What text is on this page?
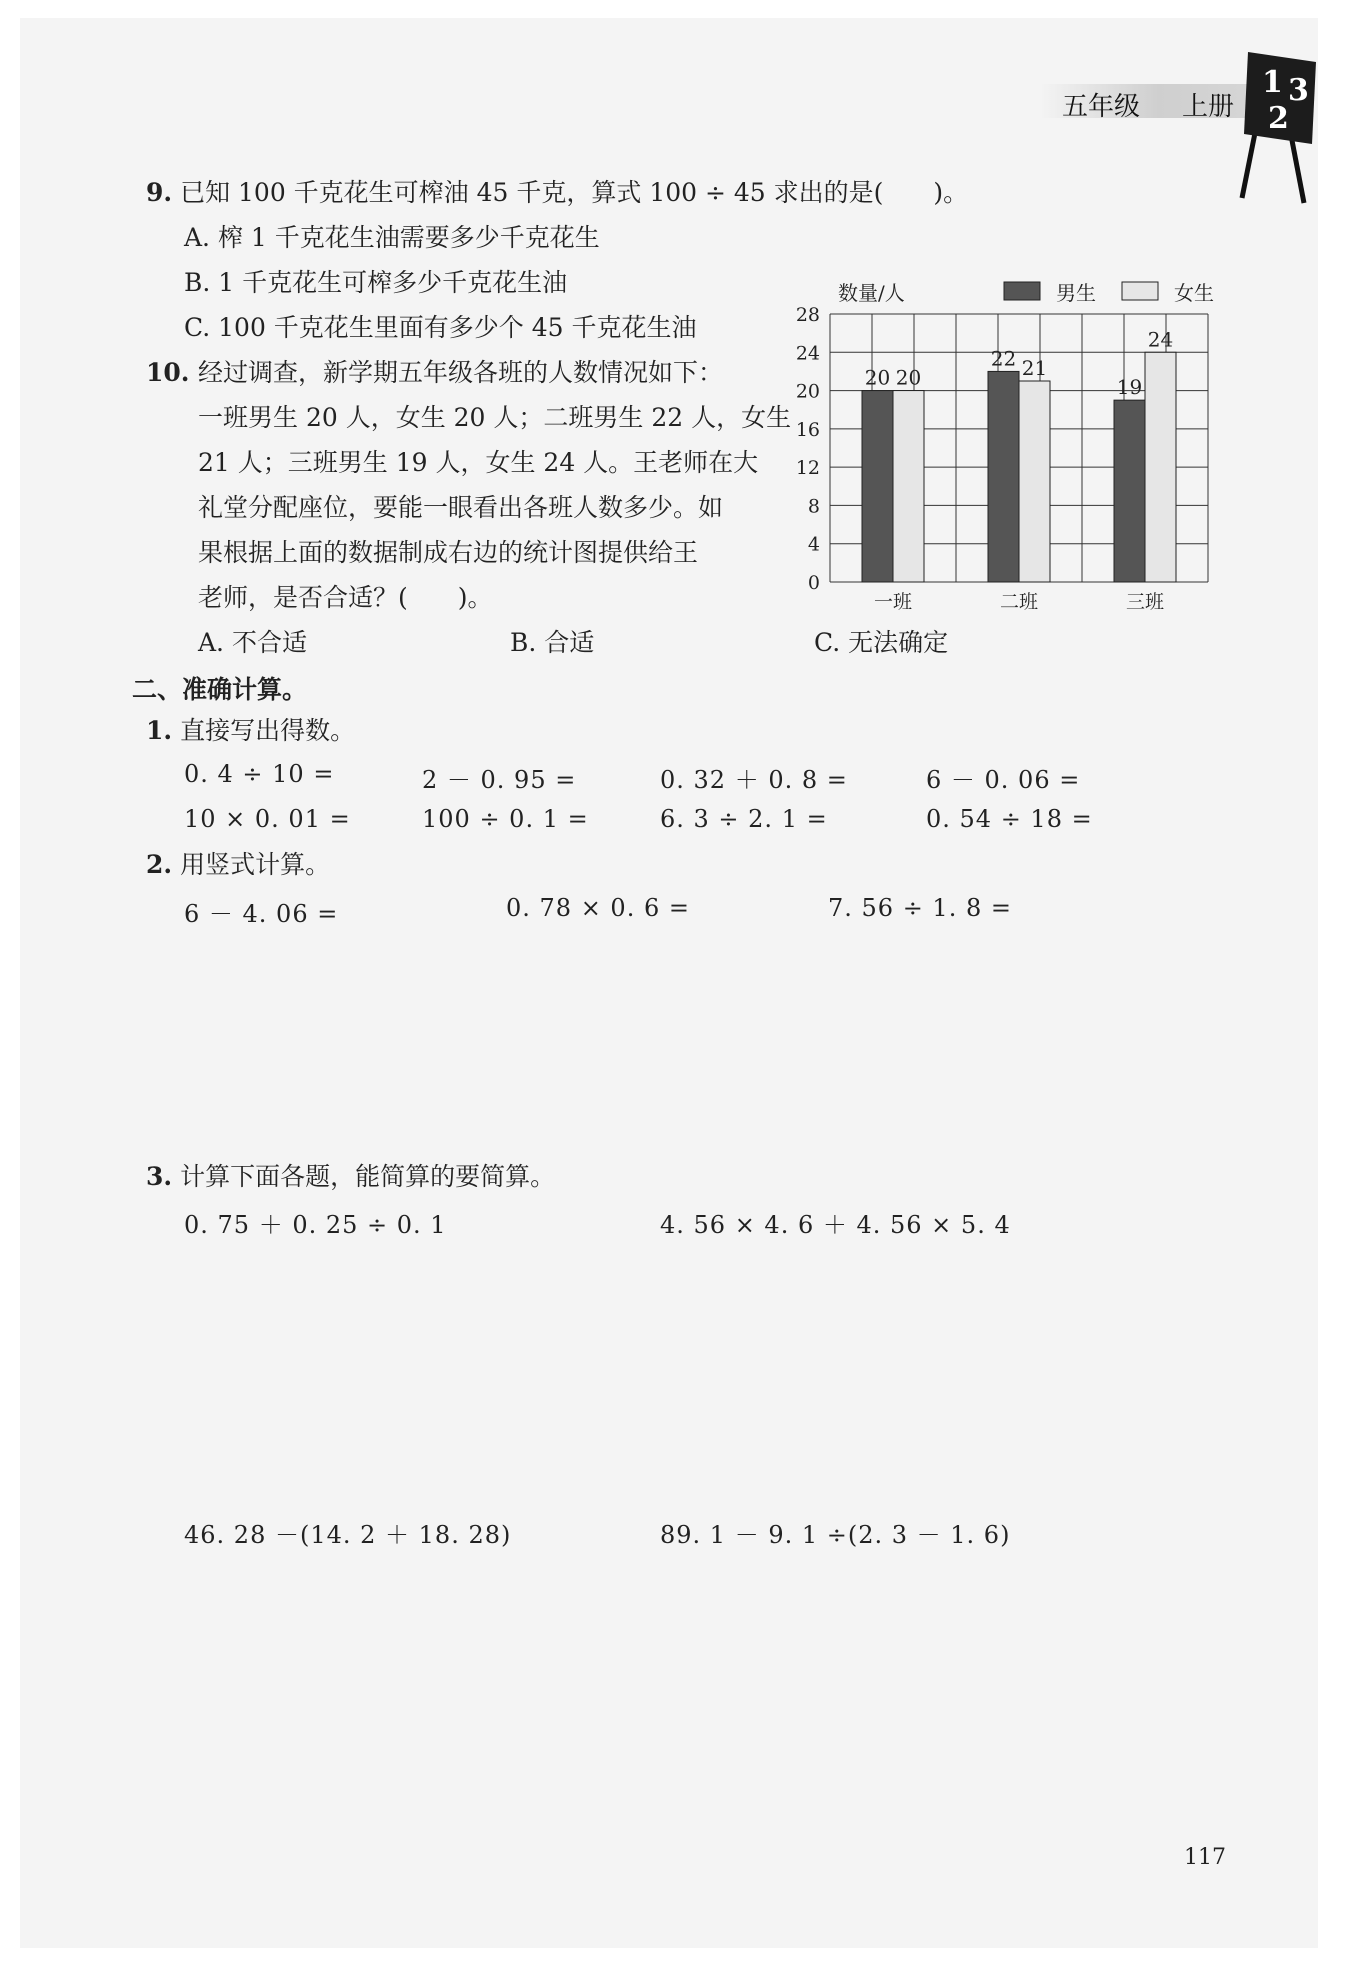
五年级 上册
1 3
2
9. 已知 100 千克花生可榨油 45 千克，算式 100 ÷ 45 求出的是(　　)。
A. 榨 1 千克花生油需要多少千克花生
B. 1 千克花生可榨多少千克花生油
C. 100 千克花生里面有多少个 45 千克花生油
10. 经过调查，新学期五年级各班的人数情况如下：
一班男生 20 人，女生 20 人；二班男生 22 人，女生
21 人；三班男生 19 人，女生 24 人。王老师在大
礼堂分配座位，要能一眼看出各班人数多少。如
果根据上面的数据制成右边的统计图提供给王
老师，是否合适？(　　)。
A. 不合适	B. 合适	C. 无法确定
0
4
8
12
16
20
24
28
20 20
一班
22 21
二班
19
24
三班
数量/人	男生	女生
二、准确计算。
1. 直接写出得数。
0. 4 ÷ 10 =	2 － 0. 95 =	0. 32 ＋ 0. 8 =	6 － 0. 06 =
10 × 0. 01 =	100 ÷ 0. 1 =	6. 3 ÷ 2. 1 =	0. 54 ÷ 18 =
2. 用竖式计算。
6 － 4. 06 =	0. 78 × 0. 6 =	7. 56 ÷ 1. 8 =
3. 计算下面各题，能简算的要简算。
0. 75 ＋ 0. 25 ÷ 0. 1	4. 56 × 4. 6 ＋ 4. 56 × 5. 4
46. 28 －(14. 2 ＋ 18. 28)	89. 1 － 9. 1 ÷(2. 3 － 1. 6)
117
